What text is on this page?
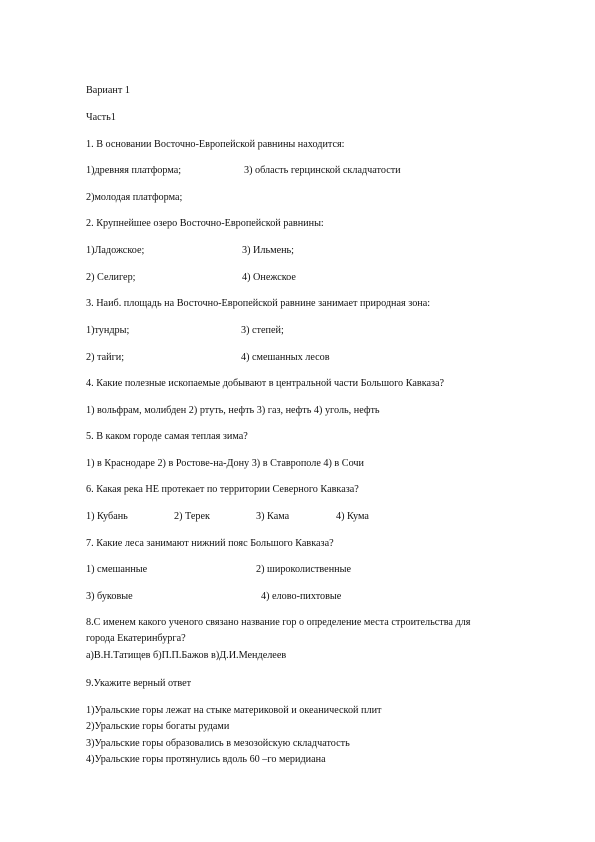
Вариант 1
Часть1
1. В основании Восточно-Европейской равнины находится:
1)древняя платформа;	3) область герцинской складчатости
2)молодая платформа;
2. Крупнейшее озеро Восточно-Европейской равнины:
1)Ладожское;	3) Ильмень;
2) Селигер;	4) Онежское
3. Наиб. площадь на Восточно-Европейской равнине занимает природная зона:
1)тундры;	3) степей;
2) тайги;	4) смешанных лесов
4. Какие полезные ископаемые добывают в центральной части Большого Кавказа?
1) вольфрам, молибден 2) ртуть, нефть 3) газ, нефть 4) уголь, нефть
5. В каком городе самая теплая зима?
1) в Краснодаре 2) в Ростове-на-Дону 3) в Ставрополе 4) в Сочи
6. Какая река НЕ протекает по территории Северного Кавказа?
1) Кубань	2) Терек	3) Кама	4) Кума
7. Какие леса занимают нижний пояс Большого Кавказа?
1) смешанные	2) широколиственные
3) буковые	4) елово-пихтовые
8.С именем какого ученого связано название гор о определение места строительства для
города Екатеринбурга?
а)В.Н.Татищев б)П.П.Бажов в)Д.И.Менделеев
9.Укажите верный ответ
1)Уральские горы лежат на стыке материковой и океанической плит
2)Уральские горы богаты рудами
3)Уральские горы образовались в мезозойскую складчатость
4)Уральские горы протянулись вдоль 60 –го меридиана
